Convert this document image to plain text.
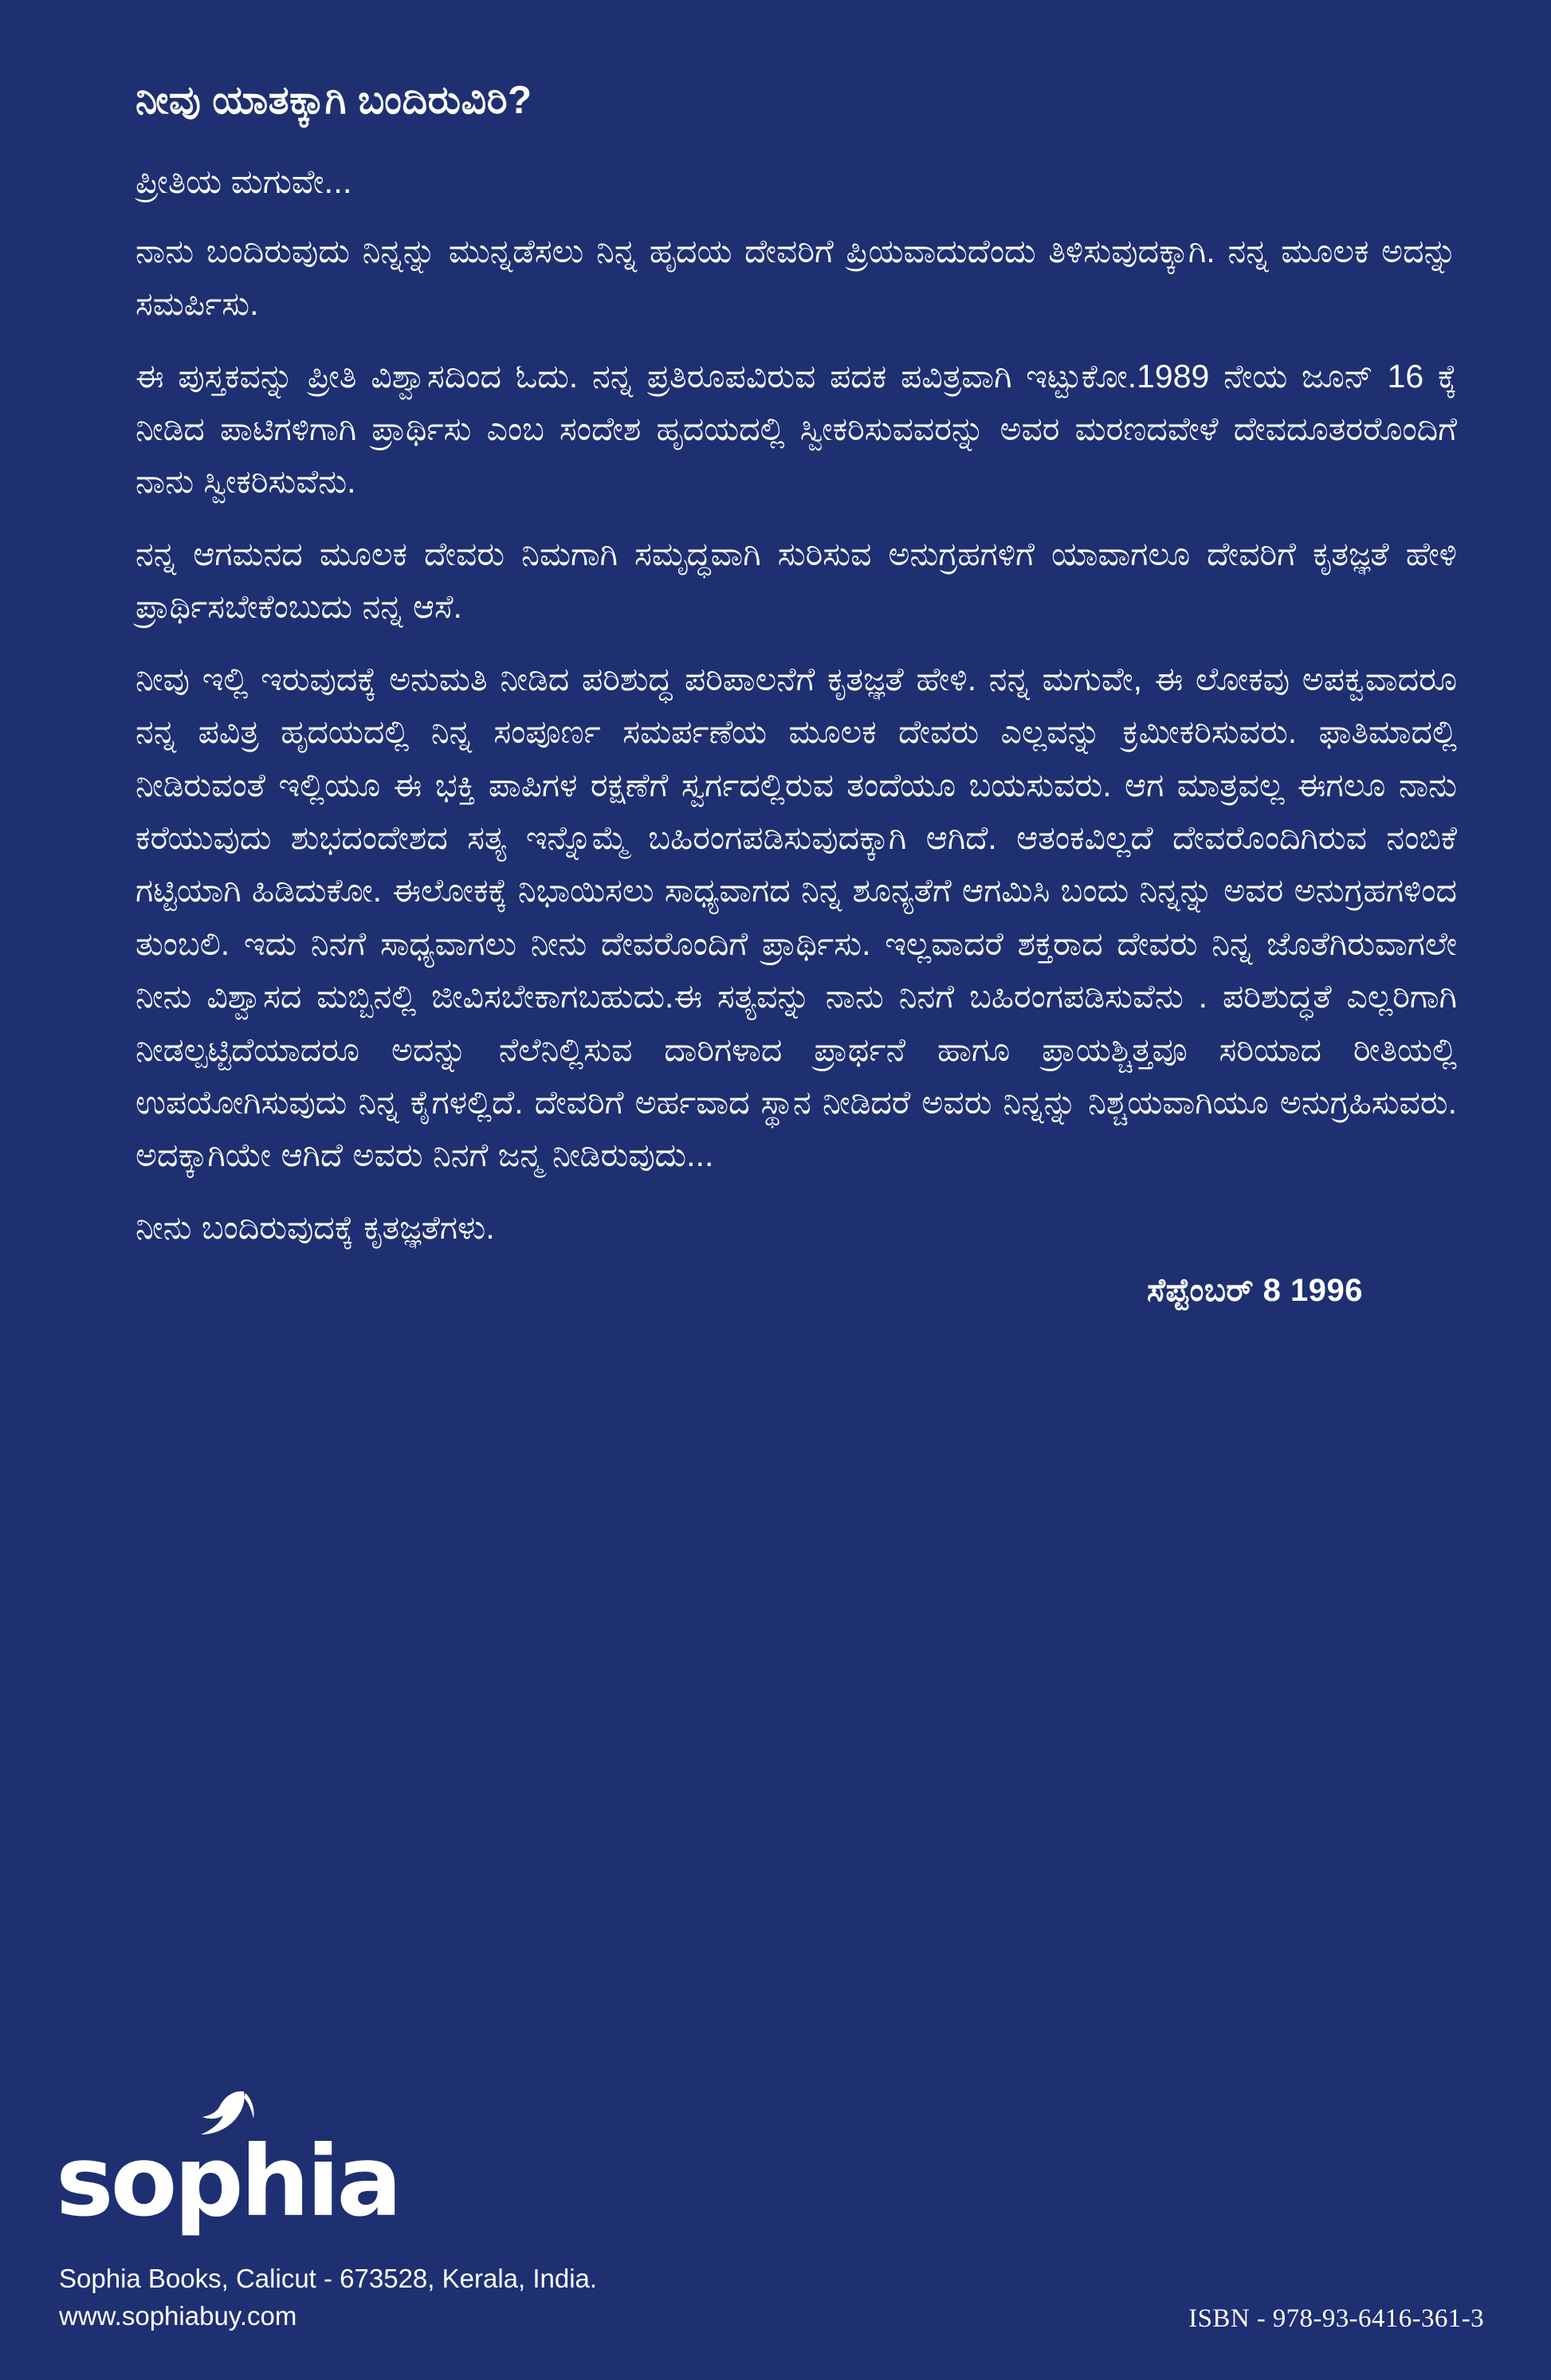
ನೀವು ಯಾತಕ್ಕಾಗಿ ಬಂದಿರುವಿರಿ?
ಪ್ರೀತಿಯ ಮಗುವೇ...

ನಾನು ಬಂದಿರುವುದು ನಿನ್ನನ್ನು ಮುನ್ನಡೆಸಲು ನಿನ್ನ ಹೃದಯ ದೇವರಿಗೆ ಪ್ರಿಯವಾದುದೆಂದು ತಿಳಿಸುವುದಕ್ಕಾಗಿ. ನನ್ನ ಮೂಲಕ ಅದನ್ನು ಸಮರ್ಪಿಸು.

ಈ ಪುಸ್ತಕವನ್ನು ಪ್ರೀತಿ ವಿಶ್ವಾಸದಿಂದ ಓದು. ನನ್ನ ಪ್ರತಿರೂಪವಿರುವ ಪದಕ ಪವಿತ್ರವಾಗಿ ಇಟ್ಟುಕೋ.1989 ನೇಯ ಜೂನ್ 16 ಕ್ಕೆ ನೀಡಿದ ಪಾಟಿಗಳಿಗಾಗಿ ಪ್ರಾರ್ಥಿಸು ಎಂಬ ಸಂದೇಶ ಹೃದಯದಲ್ಲಿ ಸ್ವೀಕರಿಸುವವರನ್ನು ಅವರ ಮರಣದವೇಳೆ ದೇವದೂತರರೊಂದಿಗೆ ನಾನು ಸ್ವೀಕರಿಸುವೆನು.

ನನ್ನ ಆಗಮನದ ಮೂಲಕ ದೇವರು ನಿಮಗಾಗಿ ಸಮೃದ್ಧವಾಗಿ ಸುರಿಸುವ ಅನುಗ್ರಹಗಳಿಗೆ ಯಾವಾಗಲೂ ದೇವರಿಗೆ ಕೃತಜ್ಞತೆ ಹೇಳಿ ಪ್ರಾರ್ಥಿಸಬೇಕೆಂಬುದು ನನ್ನ ಆಸೆ.

ನೀವು ಇಲ್ಲಿ ಇರುವುದಕ್ಕೆ ಅನುಮತಿ ನೀಡಿದ ಪರಿಶುದ್ಧ ಪರಿಪಾಲನೆಗೆ ಕೃತಜ್ಞತೆ ಹೇಳಿ. ನನ್ನ ಮಗುವೇ, ಈ ಲೋಕವು ಅಪಕ್ವವಾದರೂ ನನ್ನ ಪವಿತ್ರ ಹೃದಯದಲ್ಲಿ ನಿನ್ನ ಸಂಪೂರ್ಣ ಸಮರ್ಪಣೆಯ ಮೂಲಕ ದೇವರು ಎಲ್ಲವನ್ನು ಕ್ರಮೀಕರಿಸುವರು. ಫಾತಿಮಾದಲ್ಲಿ ನೀಡಿರುವಂತೆ ಇಲ್ಲಿಯೂ ಈ ಭಕ್ತಿ ಪಾಪಿಗಳ ರಕ್ಷಣೆಗೆ ಸ್ವರ್ಗದಲ್ಲಿರುವ ತಂದೆಯೂ ಬಯಸುವರು. ಆಗ ಮಾತ್ರವಲ್ಲ ಈಗಲೂ ನಾನು ಕರೆಯುವುದು ಶುಭದಂದೇಶದ ಸತ್ಯ ಇನ್ನೊಮ್ಮೆ ಬಹಿರಂಗಪಡಿಸುವುದಕ್ಕಾಗಿ ಆಗಿದೆ. ಆತಂಕವಿಲ್ಲದೆ ದೇವರೊಂದಿಗಿರುವ ನಂಬಿಕೆ ಗಟ್ಟಿಯಾಗಿ ಹಿಡಿದುಕೋ. ಈಲೋಕಕ್ಕೆ ನಿಭಾಯಿಸಲು ಸಾಧ್ಯವಾಗದ ನಿನ್ನ ಶೂನ್ಯತೆಗೆ ಆಗಮಿಸಿ ಬಂದು ನಿನ್ನನ್ನು ಅವರ ಅನುಗ್ರಹಗಳಿಂದ ತುಂಬಲಿ. ಇದು ನಿನಗೆ ಸಾಧ್ಯವಾಗಲು ನೀನು ದೇವರೊಂದಿಗೆ ಪ್ರಾರ್ಥಿಸು. ಇಲ್ಲವಾದರೆ ಶಕ್ತರಾದ ದೇವರು ನಿನ್ನ ಜೊತೆಗಿರುವಾಗಲೇ ನೀನು ವಿಶ್ವಾಸದ ಮಬ್ಬಿನಲ್ಲಿ ಜೀವಿಸಬೇಕಾಗಬಹುದು.ಈ ಸತ್ಯವನ್ನು ನಾನು ನಿನಗೆ ಬಹಿರಂಗಪಡಿಸುವೆನು . ಪರಿಶುದ್ಧತೆ ಎಲ್ಲರಿಗಾಗಿ ನೀಡಲ್ಪಟ್ಟಿದೆಯಾದರೂ ಅದನ್ನು ನೆಲೆನಿಲ್ಲಿಸುವ ದಾರಿಗಳಾದ ಪ್ರಾರ್ಥನೆ ಹಾಗೂ ಪ್ರಾಯಶ್ಚಿತ್ತವೂ ಸರಿಯಾದ ರೀತಿಯಲ್ಲಿ ಉಪಯೋಗಿಸುವುದು ನಿನ್ನ ಕೈಗಳಲ್ಲಿದೆ. ದೇವರಿಗೆ ಅರ್ಹವಾದ ಸ್ಥಾನ ನೀಡಿದರೆ ಅವರು ನಿನ್ನನ್ನು ನಿಶ್ಚಯವಾಗಿಯೂ ಅನುಗ್ರಹಿಸುವರು. ಅದಕ್ಕಾಗಿಯೇ ಆಗಿದೆ ಅವರು ನಿನಗೆ ಜನ್ಮ ನೀಡಿರುವುದು...

ನೀನು ಬಂದಿರುವುದಕ್ಕೆ ಕೃತಜ್ಞತೆಗಳು.

ಸೆಪ್ಟೆಂಬರ್ 8 1996
sophia
Sophia Books, Calicut - 673528, Kerala, India.
www.sophiabuy.com	ISBN - 978-93-6416-361-3
